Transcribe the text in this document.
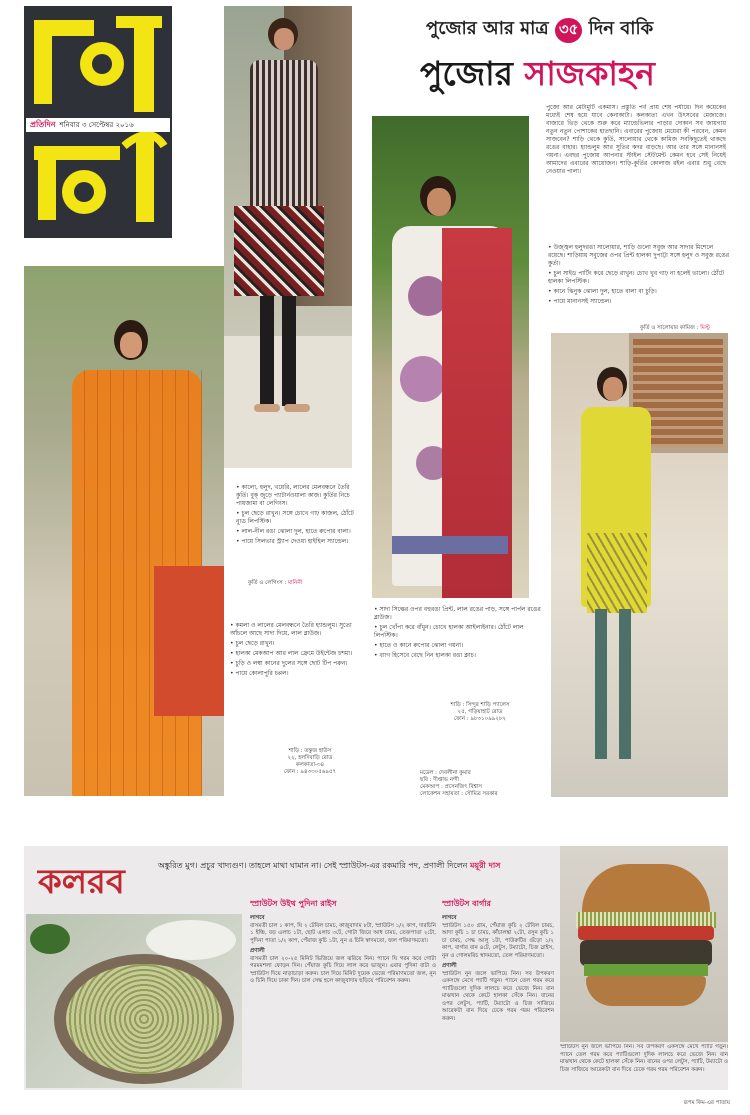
প্রতিদিন শনিবার ৩ সেপ্টেম্বর ২০১৬
পুজোর আর মাত্র ৩৫ দিন বাকি
পুজোর সাজকাহন
পুজো আর মেটামুটি একমাস। প্রস্তুতি পর্ব প্রায় শেষ পর্যায়ে। দিন কয়েকের মধ্যেই শেষ হয়ে যাবে কেনাকাটা। কলকাতা এখন উৎসবের মেজাজে। বাজারে ভিড় থেকে শুরু করে ম্যান্ডেভিলার পাড়ার দোকান সব জায়গায় নতুন নতুন পোশাকের হাতছানি। এবারের পুজোয় মেয়েরা কী পরবেন, কেমন সাজবেন? শাড়ি থেকে কুর্তি, সালোয়ার থেকে কামিজ সবকিছুতেই থাকছে রঙের বাহার। হ্যান্ডলুম আর সুতির কদর বাড়ছে। আর তার সঙ্গে মানানসই গয়না। এবছর পুজোয় আপনার স্টাইল স্টেটমেন্ট কেমন হবে সেই নিয়েই আমাদের এবারের আয়োজন। শাড়ি-কুর্তির কোলাজ রইল এবার শুধু বেছে নেওয়ার পালা।
• উজ্জ্বল হলুদরঙা সালোয়ার, শাড়ি গুলো সবুজ আর সাদার মিশেলে রয়েছে। শাড়িয়ায় সবুজের ওপর প্রিন্ট হালকা দুপাট্টা সঙ্গে হলুদ ও সবুজ রঙের কুর্তা।
• চুল সাইড পার্টিং করে ছেড়ে রাখুন। চোখ খুব গাঢ় না হলেই ভালো। ঠোঁটে হালকা লিপস্টিক।
• কানে ঝিনুক ঝোলা দুল, হাতে বালা বা চুড়ি।
• পায়ে মানানসই স্যান্ডেল।
কুর্তি ও সালোয়ার কামিজ : মিস্টু
• কালো, হলুদ, খয়েরি, লালের মেলবন্ধনে তৈরি কুর্তি। বুক্ জুড়ে প্যাটার্নওয়ালা কাজ। কুর্তির নিচে পায়জামা বা লেগিংস।
• চুল ছেড়ে রাখুন। সঙ্গে চোখে গাঢ় কাজল, ঠোঁটে ন্যুড লিপস্টিক।
• লাল-নীল রঙা ঝোলা দুল, হাতে রুপোর বালা।
• পায়ে সিলভার স্ট্র্যাপ দেওয়া হাইহিল স্যান্ডেল।
কুর্তি ও লেগিংস : মানিনী
• কমলা ও লালের মেলবন্ধনে তৈরি হ্যান্ডলুম। সুতো আঁচলে আছে সাদা দিয়ে, লাল ব্লাউজ।
• চুল ছেড়ে রাখুন।
• হালকা মেকআপ আর লাল ফ্রেমে উইন্টেজ চশমা।
• চুড়ি ও লম্বা কানের দুলের সঙ্গে ছোট টিপ পরুন।
• পায়ে কোলাপুরি চপ্পল।
শাড়ি : তন্তুজ হাউস
২২, হলদিবাড়ি রোড
কলকাতা-৩৪
ফোন : ৯৪৩৩০৫৬৯৫৭
• সাদা সিল্কের ওপর বহুরঙা প্রিন্ট, লাল রঙের পাড়, সঙ্গে পার্পল রঙের ব্লাউজ।
• চুল খোঁপা করে বাঁধুন। চোখে হালকা আইলাইনার। ঠোঁটে লাল লিপস্টিক।
• হাতে ও কানে রুপোর ঝোলা গয়না।
• ব্যাগ হিসেবে বেছে নিন হালকা রঙা ক্লাচ।
শাড়ি : সিন্দুর শাড়ি প্যালেস
২৫, গড়িয়াহাট রোড
ফোন : ৯৮৩১০৯৯২৮২
মডেল : দেবলীনা কুমার
ছবি : দীপ্তাভ নন্দী
মেকআপ : প্রসেনজিৎ বিশ্বাস
লোকেশন সহায়তা : সৌমিত্র সরকার
কলরব	অঙ্কুরিত মুগ। প্রচুর খাদ্যগুণ। তাহলে মাথা ঘামান না। সেই স্প্রাউটস-এর রকমারি পদ, প্রণালী দিলেন ময়ূরী দাস
স্প্রাউটস উইথ পুদিনা রাইস
লাগবে
বাসমতী চাল ১ কাপ, ঘি ২ টেবিল চামচ, কাজুবাদাম ৮টা, স্প্রাউটস ১/২ কাপ, দারচিনি ১ ইঞ্চি, বড় এলাচ ১টা, ছোট এলাচ ৩টে, গোটা জিরে আধ চামচ, তেজপাতা ২টো, পুদিনা পাতা ১/২ কাপ, পেঁয়াজ কুচি ১টা, নুন ও চিনি স্বাদমতো, জল পরিমাণমতো।
প্রণালী
বাসমতী চাল ২০-২৫ মিনিট ভিজিয়ে জল ঝরিয়ে নিন। প্যানে ঘি গরম করে গোটা গরমমশলা ফোড়ন দিন। পেঁয়াজ কুচি দিয়ে লাল করে ভাজুন। এবার পুদিনা বাটা ও স্প্রাউটস দিয়ে নাড়াচাড়া করুন। চাল দিয়ে মিনিট দুয়েক ভেজে পরিমাণমতো জল, নুন ও চিনি দিয়ে ঢাকা দিন। চাল সেদ্ধ হলে কাজুবাদাম ছড়িয়ে পরিবেশন করুন।
স্প্রাউটস বার্গার
লাগবে
স্প্রাউটস ১৫০ গ্রাম, পেঁয়াজ কুচি ২ টেবিল চামচ, আদা কুচি ১ চা চামচ, কাঁচালঙ্কা ২টো, রসুন কুচি ১ চা চামচ, সেদ্ধ আলু ১টা, পাউরুটির গুঁড়ো ১/২ কাপ, বার্গার বান ৪টে, লেটুস, টম্যাটো, চিজ স্লাইস, নুন ও গোলমরিচ স্বাদমতো, তেল পরিমাণমতো।
প্রণালী
স্প্রাউটস নুন জলে ভাপিয়ে নিন। সব উপকরণ একসঙ্গে মেখে প্যাটি গড়ুন। প্যানে তেল গরম করে প্যাটিগুলো দুদিক লালচে করে ভেজে নিন। বান মাঝখান থেকে কেটে হালকা সেঁকে নিন। বানের ওপর লেটুস, প্যাটি, টম্যাটো ও চিজ সাজিয়ে আরেকটা বান দিয়ে ঢেকে গরম গরম পরিবেশন করুন।
স্প্রাউটস নুন জলে ভাপিয়ে নিন। সব উপকরণ একসঙ্গে মেখে প্যাটি গড়ুন। প্যানে তেল গরম করে প্যাটিগুলো দুদিক লালচে করে ভেজে নিন। বান মাঝখান থেকে কেটে হালকা সেঁকে নিন। বানের ওপর লেটুস, প্যাটি, টম্যাটো ও চিজ সাজিয়ে আরেকটা বান দিয়ে ঢেকে গরম গরম পরিবেশন করুন।
রূপম কিম-এর পাতায়
